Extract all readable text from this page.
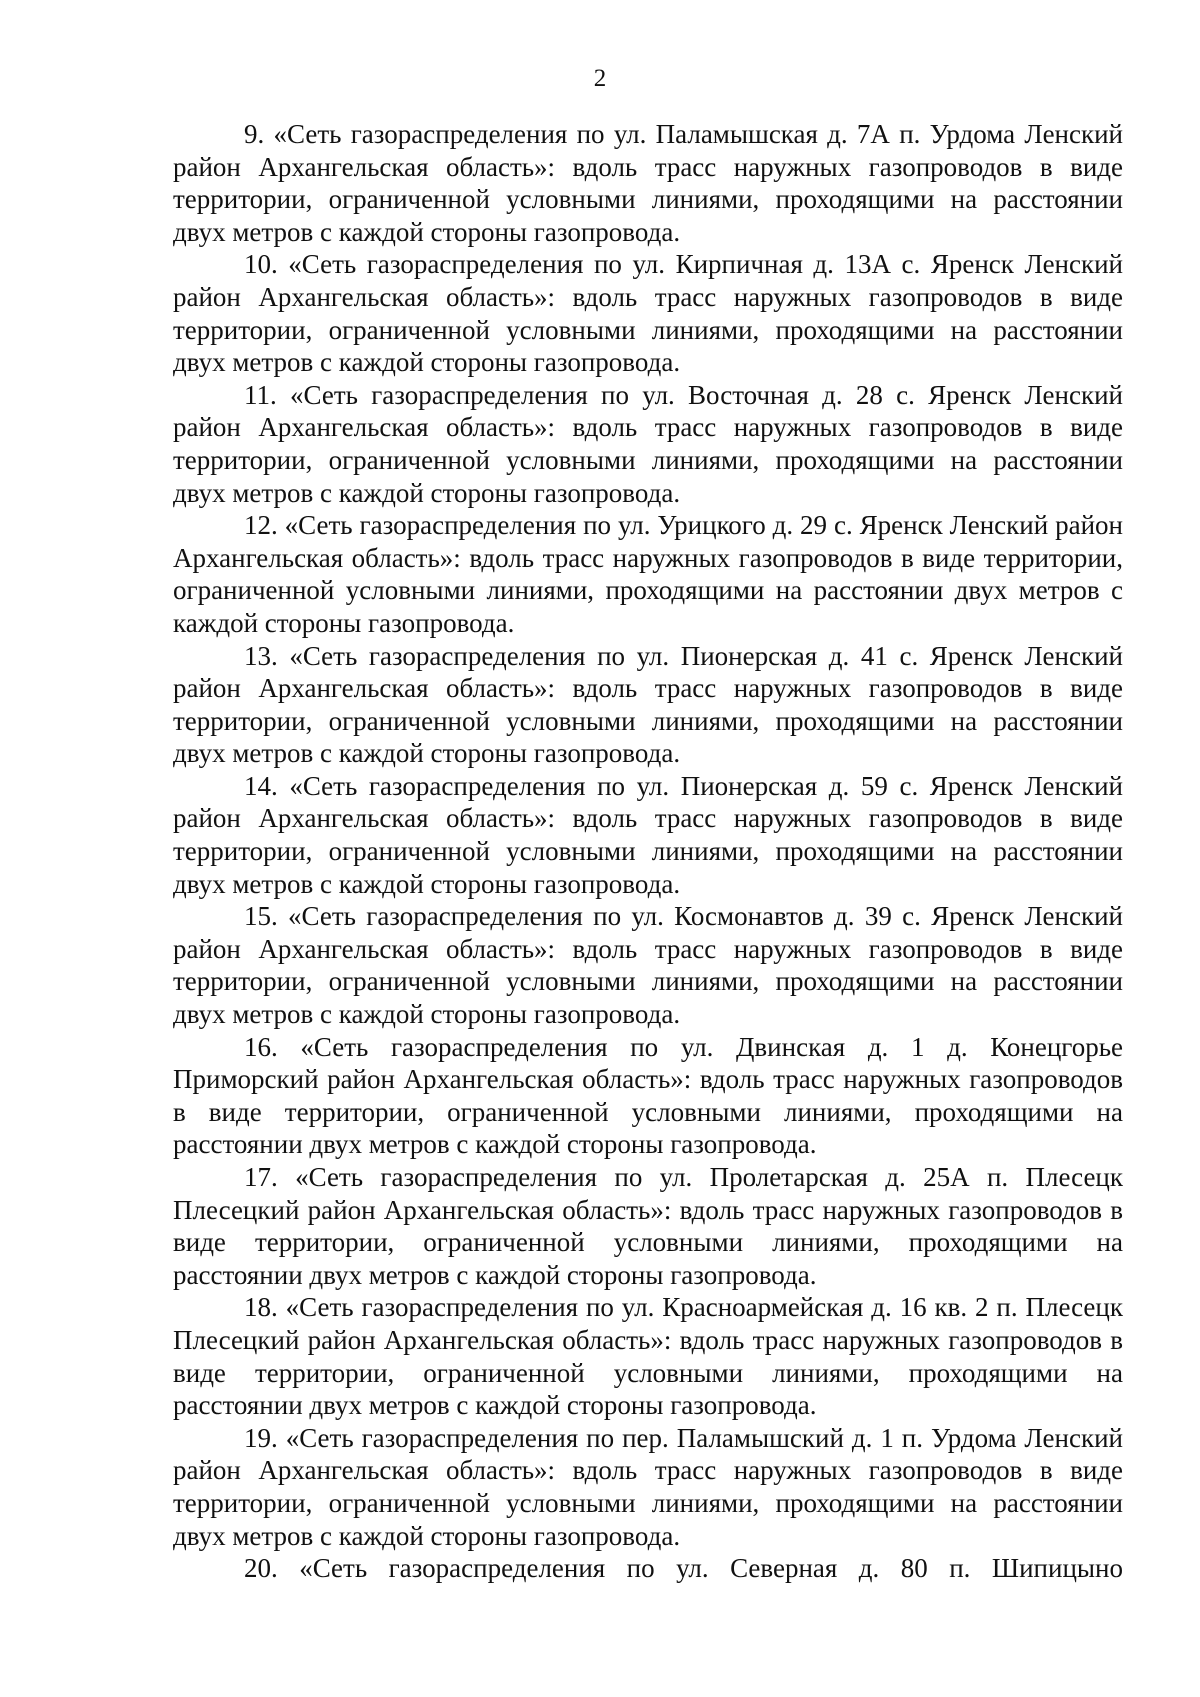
2

9. «Сеть газораспределения по ул. Паламышская д. 7А п. Урдома Ленский район Архангельская область»: вдоль трасс наружных газопроводов в виде территории, ограниченной условными линиями, проходящими на расстоянии двух метров с каждой стороны газопровода.

10. «Сеть газораспределения по ул. Кирпичная д. 13А с. Яренск Ленский район Архангельская область»: вдоль трасс наружных газопроводов в виде территории, ограниченной условными линиями, проходящими на расстоянии двух метров с каждой стороны газопровода.

11. «Сеть газораспределения по ул. Восточная д. 28 с. Яренск Ленский район Архангельская область»: вдоль трасс наружных газопроводов в виде территории, ограниченной условными линиями, проходящими на расстоянии двух метров с каждой стороны газопровода.

12. «Сеть газораспределения по ул. Урицкого д. 29 с. Яренск Ленский район Архангельская область»: вдоль трасс наружных газопроводов в виде территории, ограниченной условными линиями, проходящими на расстоянии двух метров с каждой стороны газопровода.

13. «Сеть газораспределения по ул. Пионерская д. 41 с. Яренск Ленский район Архангельская область»: вдоль трасс наружных газопроводов в виде территории, ограниченной условными линиями, проходящими на расстоянии двух метров с каждой стороны газопровода.

14. «Сеть газораспределения по ул. Пионерская д. 59 с. Яренск Ленский район Архангельская область»: вдоль трасс наружных газопроводов в виде территории, ограниченной условными линиями, проходящими на расстоянии двух метров с каждой стороны газопровода.

15. «Сеть газораспределения по ул. Космонавтов д. 39 с. Яренск Ленский район Архангельская область»: вдоль трасс наружных газопроводов в виде территории, ограниченной условными линиями, проходящими на расстоянии двух метров с каждой стороны газопровода.

16. «Сеть газораспределения по ул. Двинская д. 1 д. Конецгорье Приморский район Архангельская область»: вдоль трасс наружных газопроводов в виде территории, ограниченной условными линиями, проходящими на расстоянии двух метров с каждой стороны газопровода.

17. «Сеть газораспределения по ул. Пролетарская д. 25А п. Плесецк Плесецкий район Архангельская область»: вдоль трасс наружных газопроводов в виде территории, ограниченной условными линиями, проходящими на расстоянии двух метров с каждой стороны газопровода.

18. «Сеть газораспределения по ул. Красноармейская д. 16 кв. 2 п. Плесецк Плесецкий район Архангельская область»: вдоль трасс наружных газопроводов в виде территории, ограниченной условными линиями, проходящими на расстоянии двух метров с каждой стороны газопровода.

19. «Сеть газораспределения по пер. Паламышский д. 1 п. Урдома Ленский район Архангельская область»: вдоль трасс наружных газопроводов в виде территории, ограниченной условными линиями, проходящими на расстоянии двух метров с каждой стороны газопровода.

20. «Сеть газораспределения по ул. Северная д. 80 п. Шипицыно
